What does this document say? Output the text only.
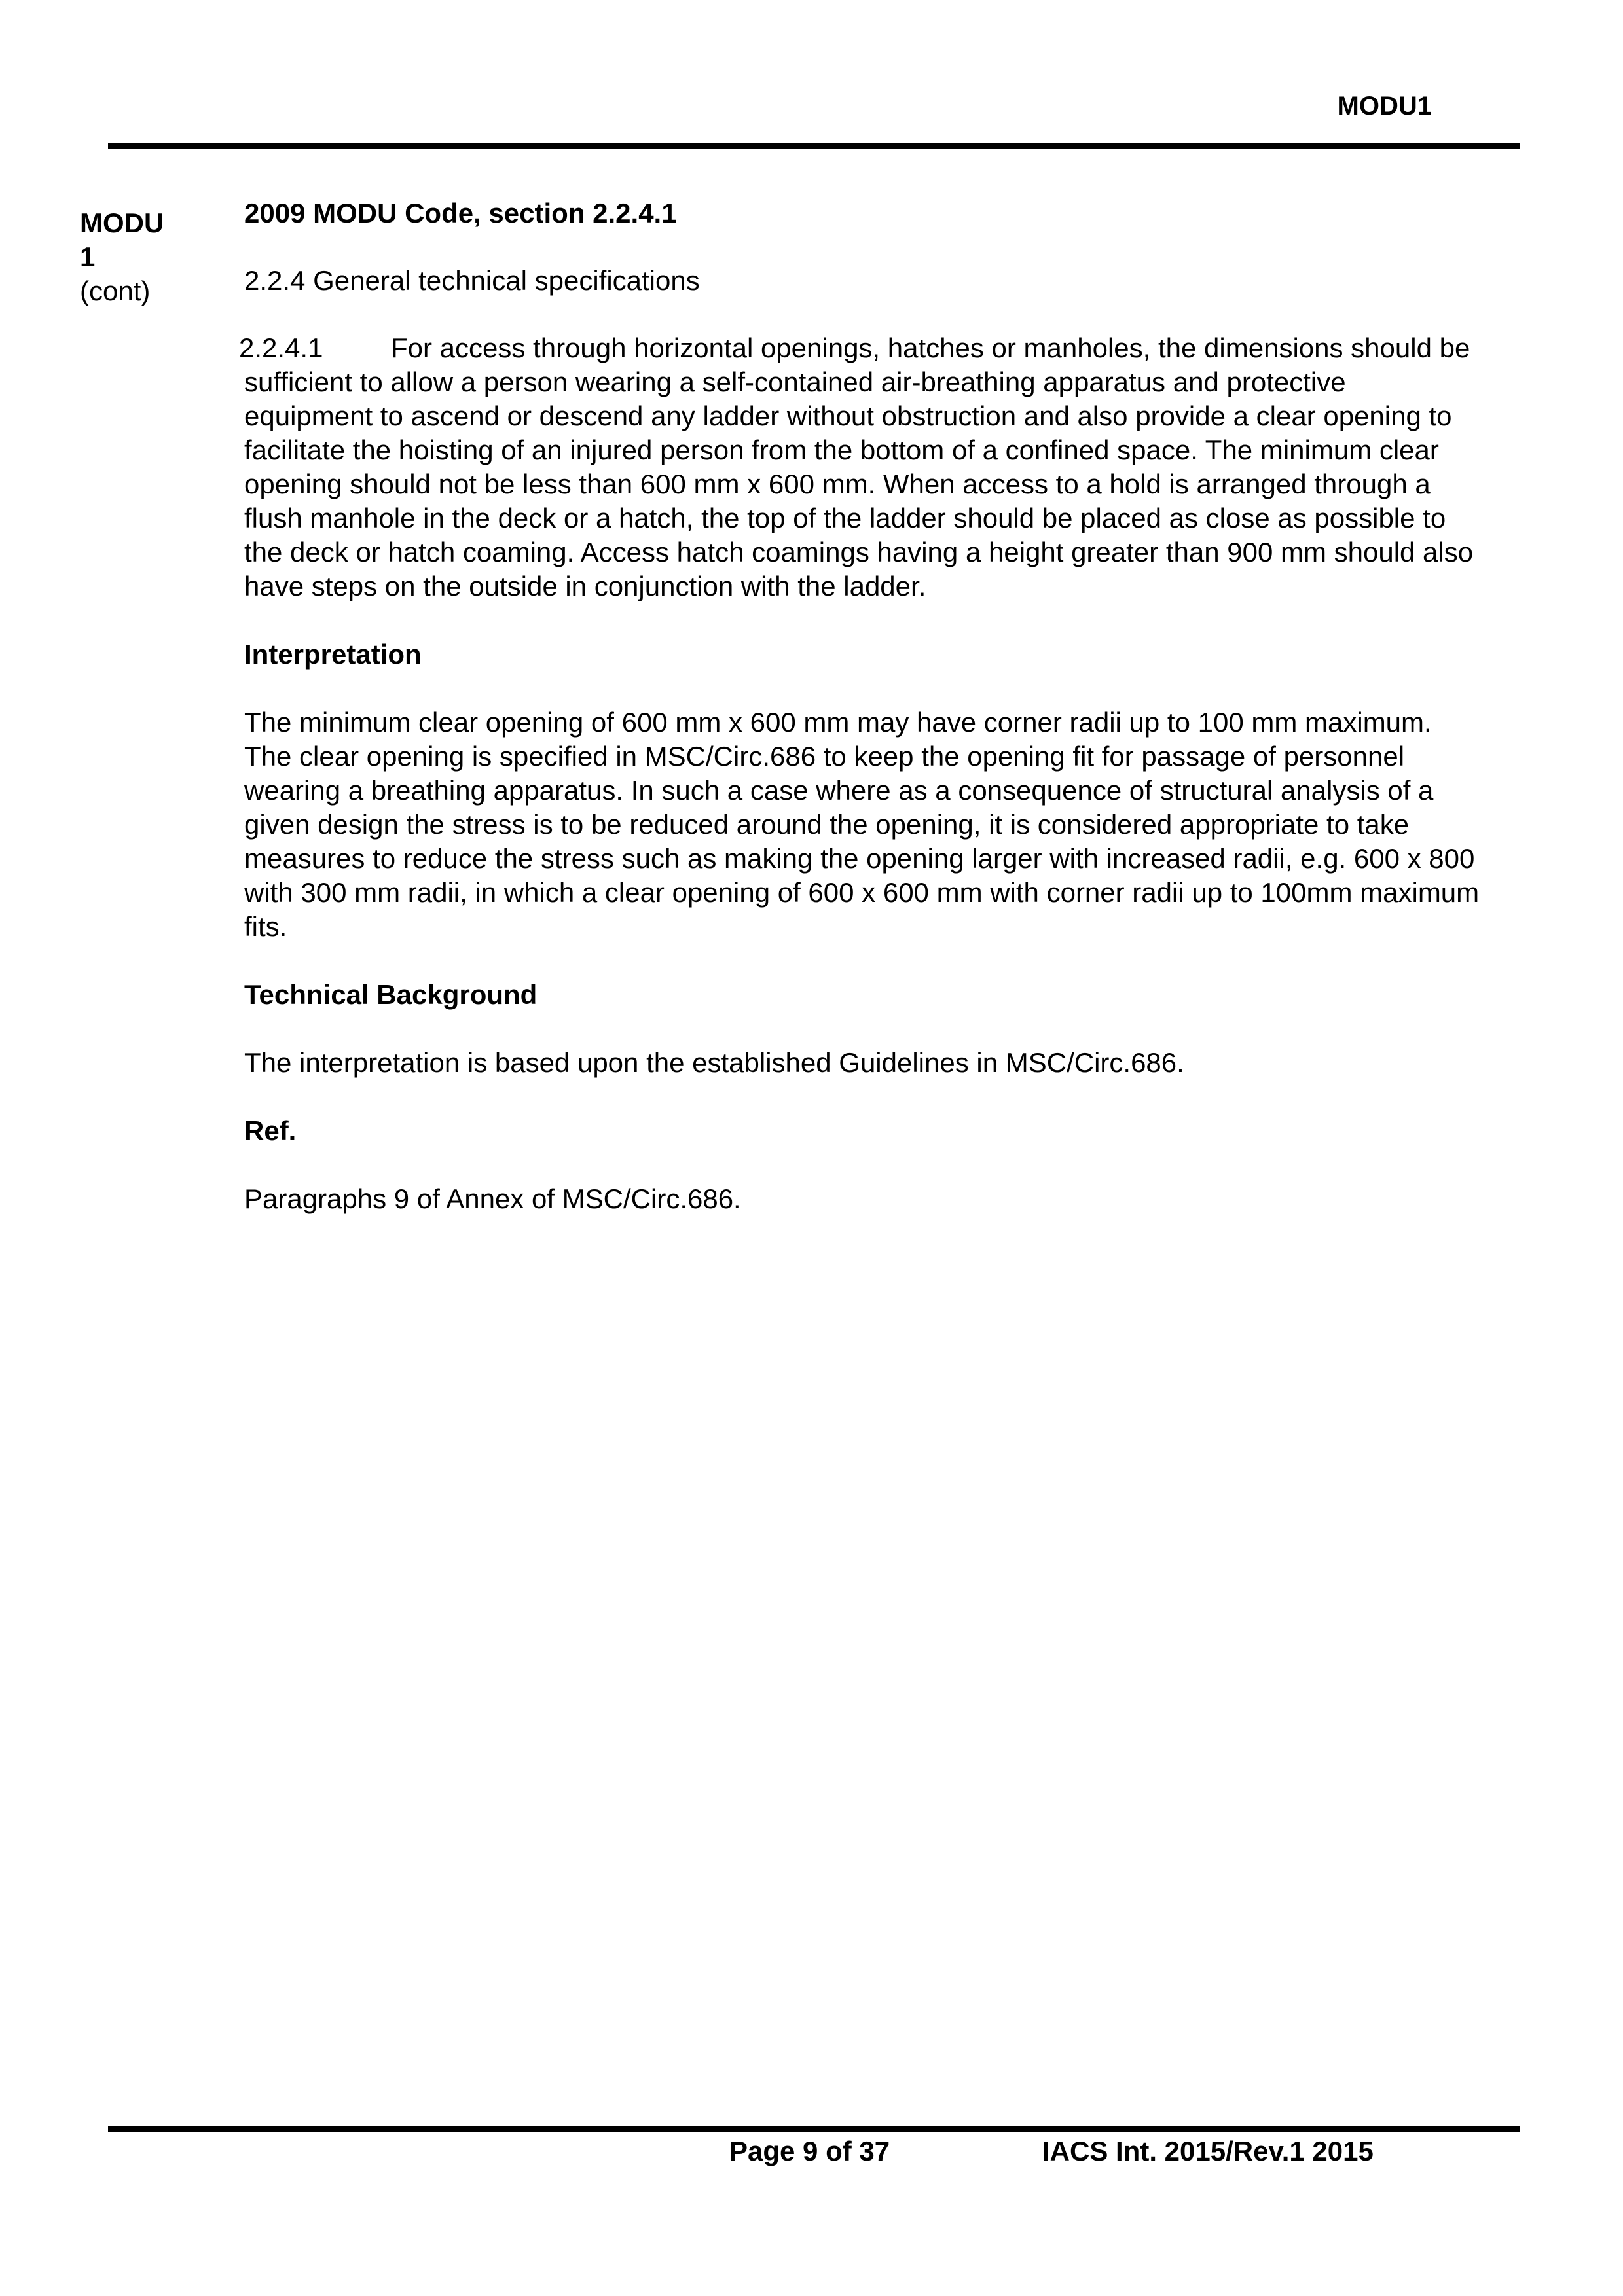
MODU1
MODU
1
(cont)

2009 MODU Code, section 2.2.4.1

2.2.4 General technical specifications

2.2.4.1 For access through horizontal openings, hatches or manholes, the dimensions should be sufficient to allow a person wearing a self-contained air-breathing apparatus and protective equipment to ascend or descend any ladder without obstruction and also provide a clear opening to facilitate the hoisting of an injured person from the bottom of a confined space. The minimum clear opening should not be less than 600 mm x 600 mm. When access to a hold is arranged through a flush manhole in the deck or a hatch, the top of the ladder should be placed as close as possible to the deck or hatch coaming. Access hatch coamings having a height greater than 900 mm should also have steps on the outside in conjunction with the ladder.

Interpretation

The minimum clear opening of 600 mm x 600 mm may have corner radii up to 100 mm maximum. The clear opening is specified in MSC/Circ.686 to keep the opening fit for passage of personnel wearing a breathing apparatus. In such a case where as a consequence of structural analysis of a given design the stress is to be reduced around the opening, it is considered appropriate to take measures to reduce the stress such as making the opening larger with increased radii, e.g. 600 x 800 with 300 mm radii, in which a clear opening of 600 x 600 mm with corner radii up to 100mm maximum fits.

Technical Background

The interpretation is based upon the established Guidelines in MSC/Circ.686.

Ref.

Paragraphs 9 of Annex of MSC/Circ.686.

Page 9 of 37	IACS Int. 2015/Rev.1 2015
